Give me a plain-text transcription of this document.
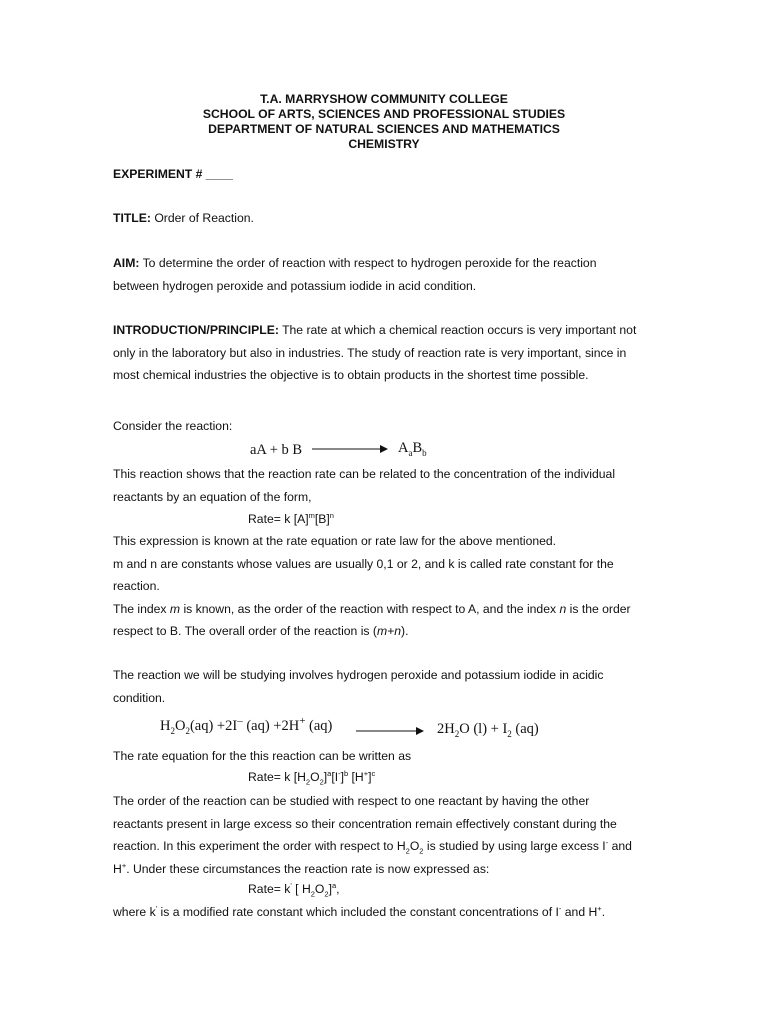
T.A. MARRYSHOW COMMUNITY COLLEGE
SCHOOL OF ARTS, SCIENCES AND PROFESSIONAL STUDIES
DEPARTMENT OF NATURAL SCIENCES AND MATHEMATICS
CHEMISTRY
EXPERIMENT # ____
TITLE: Order of Reaction.
AIM: To determine the order of reaction with respect to hydrogen peroxide for the reaction
between hydrogen peroxide and potassium iodide in acid condition.
INTRODUCTION/PRINCIPLE: The rate at which a chemical reaction occurs is very important not
only in the laboratory but also in industries. The study of reaction rate is very important, since in
most chemical industries the objective is to obtain products in the shortest time possible.
Consider the reaction:
aA + b B	$A_aB_b$
This reaction shows that the reaction rate can be related to the concentration of the individual
reactants by an equation of the form,
Rate= k $[A]^m[B]^n$
This expression is known at the rate equation or rate law for the above mentioned.
m and n are constants whose values are usually 0,1 or 2, and k is called rate constant for the
reaction.
The index m is known, as the order of the reaction with respect to A, and the index n is the order
respect to B. The overall order of the reaction is (m+n).
The reaction we will be studying involves hydrogen peroxide and potassium iodide in acidic
condition.
$H_2O_2(aq) +2I^-$ (aq) +2H+ (aq)	$2H_2O$ $(l) + I_2$ (aq)
The rate equation for the this reaction can be written as
Rate= k $[H_2O_2]^a[I^-]^b$ $[H^+]^c$
The order of the reaction can be studied with respect to one reactant by having the other
reactants present in large excess so their concentration remain effectively constant during the
reaction. In this experiment the order with respect to $H_2O_2$ is studied by using large excess I- and
H+. Under these circumstances the reaction rate is now expressed as:
Rate= k' [ $H_2O_2]^a$,
where k' is a modified rate constant which included the constant concentrations of I- and H+.
